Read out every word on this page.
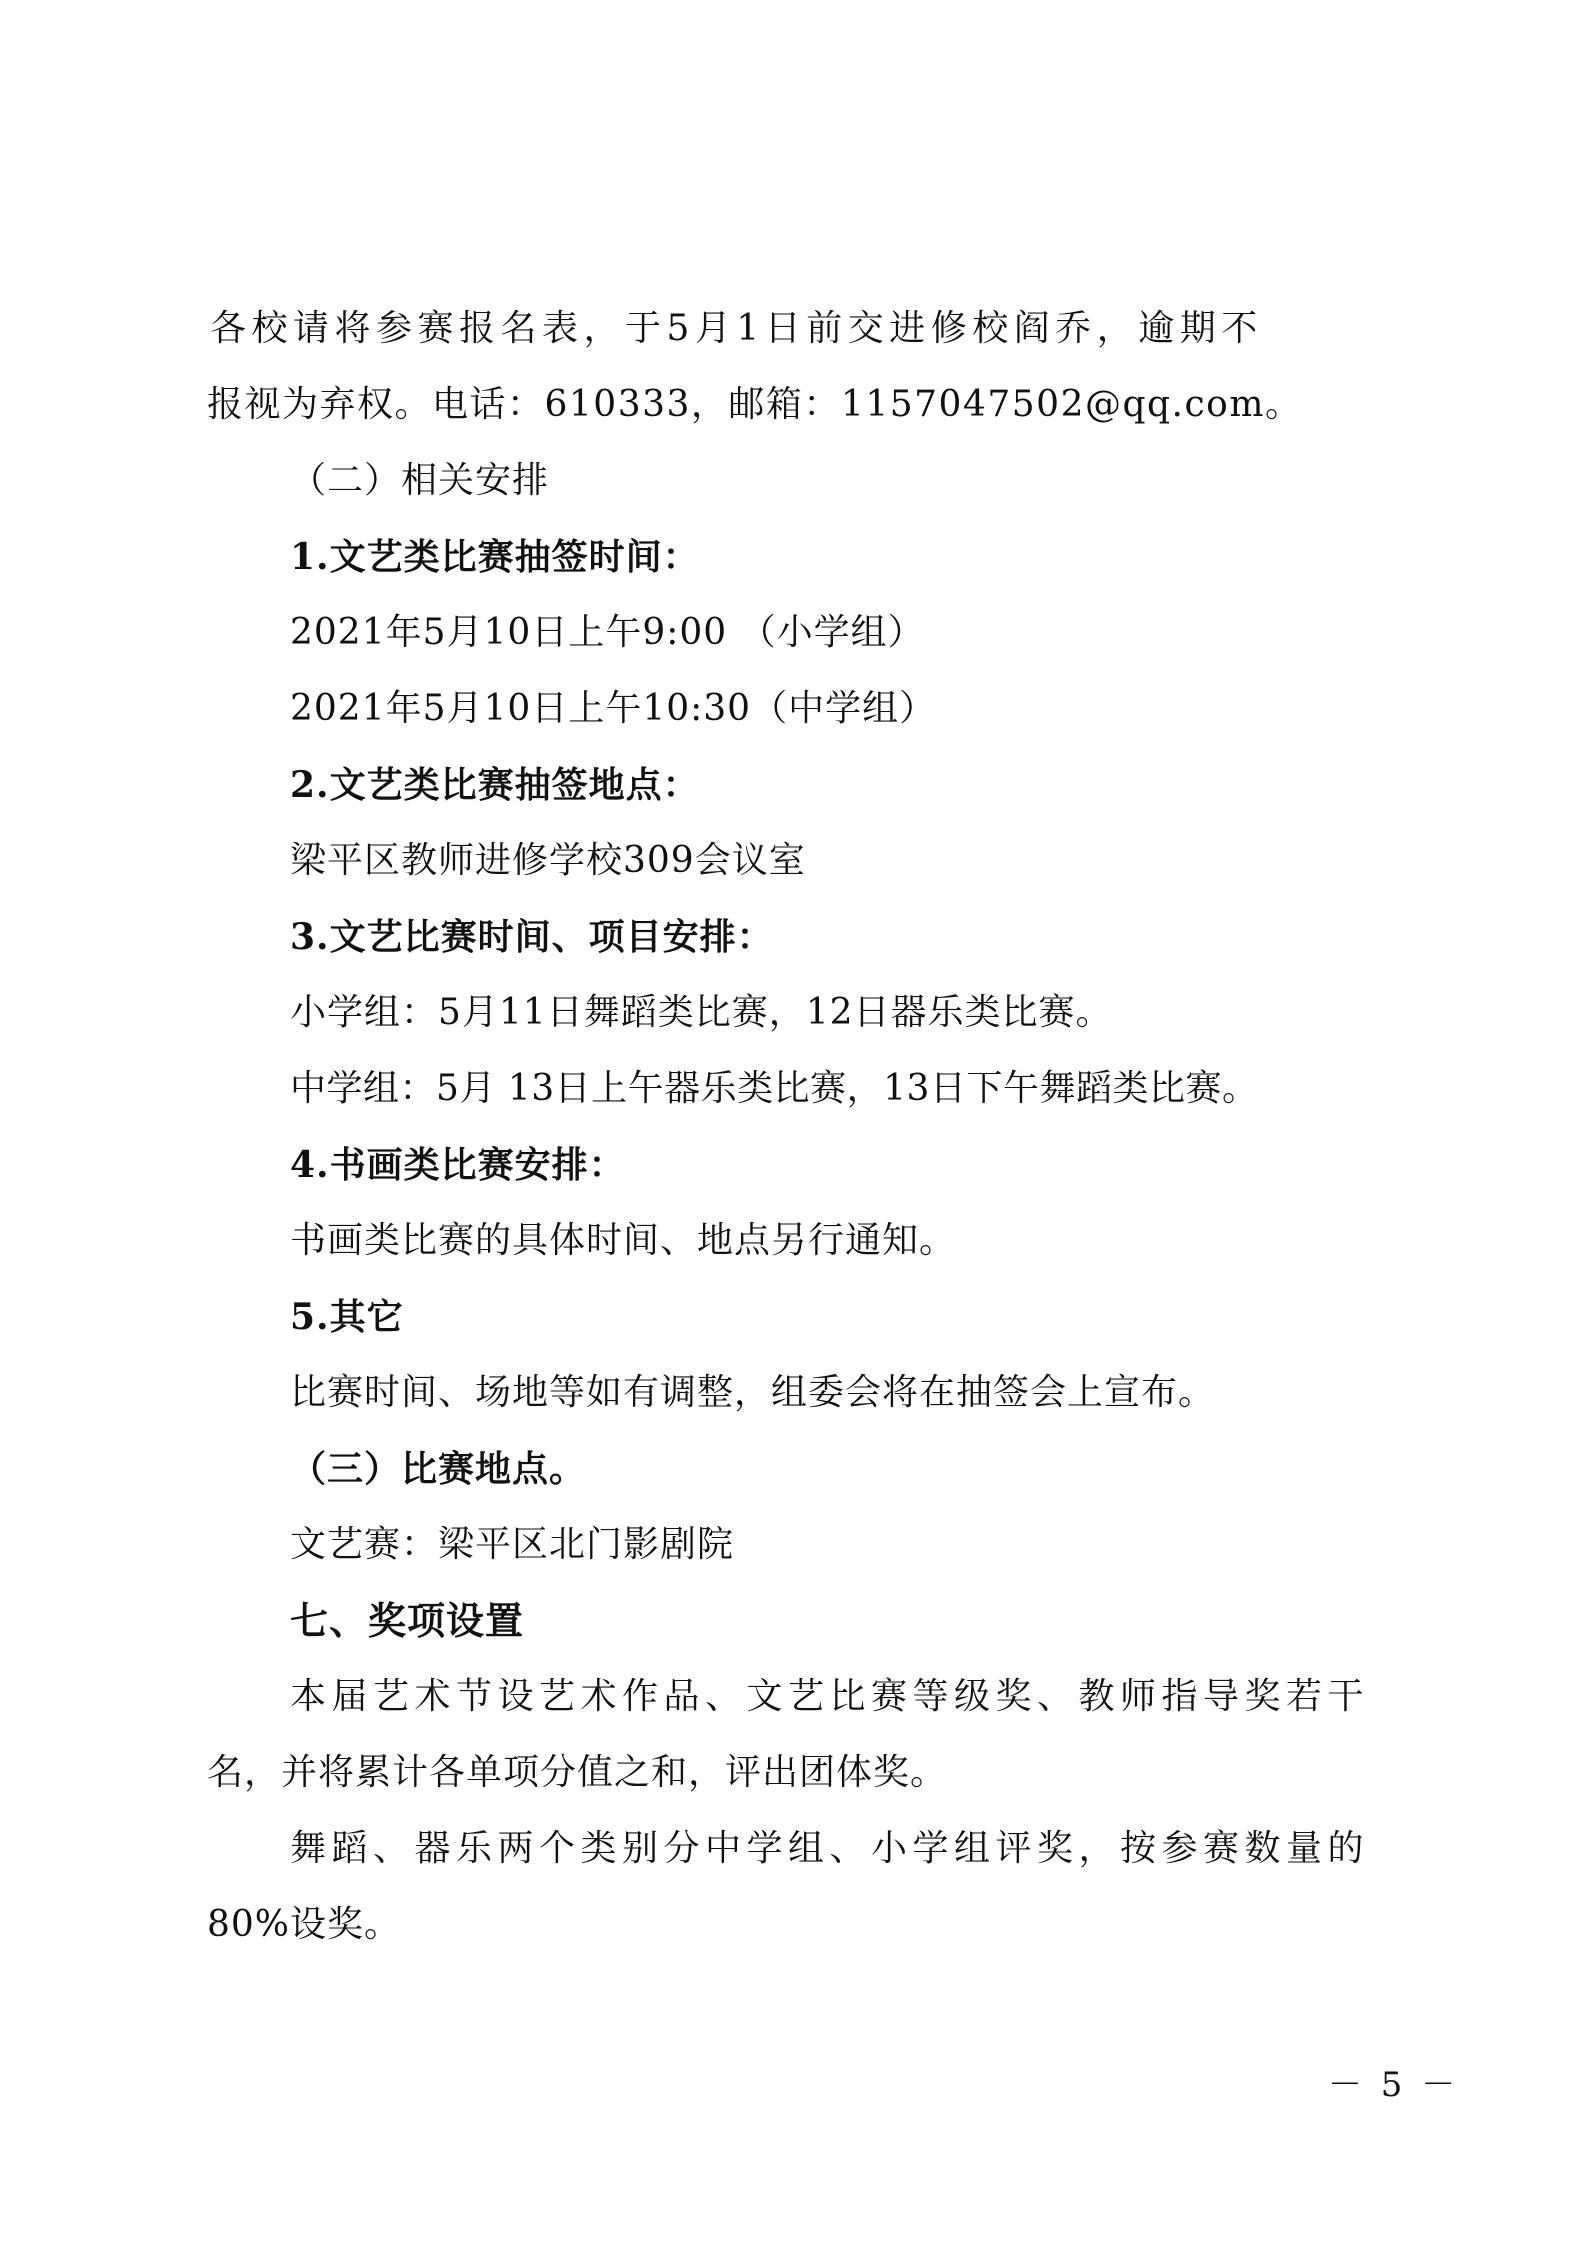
各校请将参赛报名表，于5月1日前交进修校阎乔，逾期不
报视为弃权。电话：610333，邮箱：1157047502@qq.com。
（二）相关安排
1.文艺类比赛抽签时间：
2021年5月10日上午9:00 （小学组）
2021年5月10日上午10:30（中学组）
2.文艺类比赛抽签地点：
梁平区教师进修学校309会议室
3.文艺比赛时间、项目安排：
小学组：5月11日舞蹈类比赛，12日器乐类比赛。
中学组：5月 13日上午器乐类比赛，13日下午舞蹈类比赛。
4.书画类比赛安排：
书画类比赛的具体时间、地点另行通知。
5.其它
比赛时间、场地等如有调整，组委会将在抽签会上宣布。
（三）比赛地点。
文艺赛：梁平区北门影剧院
七、奖项设置
本届艺术节设艺术作品、文艺比赛等级奖、教师指导奖若干
名，并将累计各单项分值之和，评出团体奖。
舞蹈、器乐两个类别分中学组、小学组评奖，按参赛数量的
80%设奖。
－ 5 －
